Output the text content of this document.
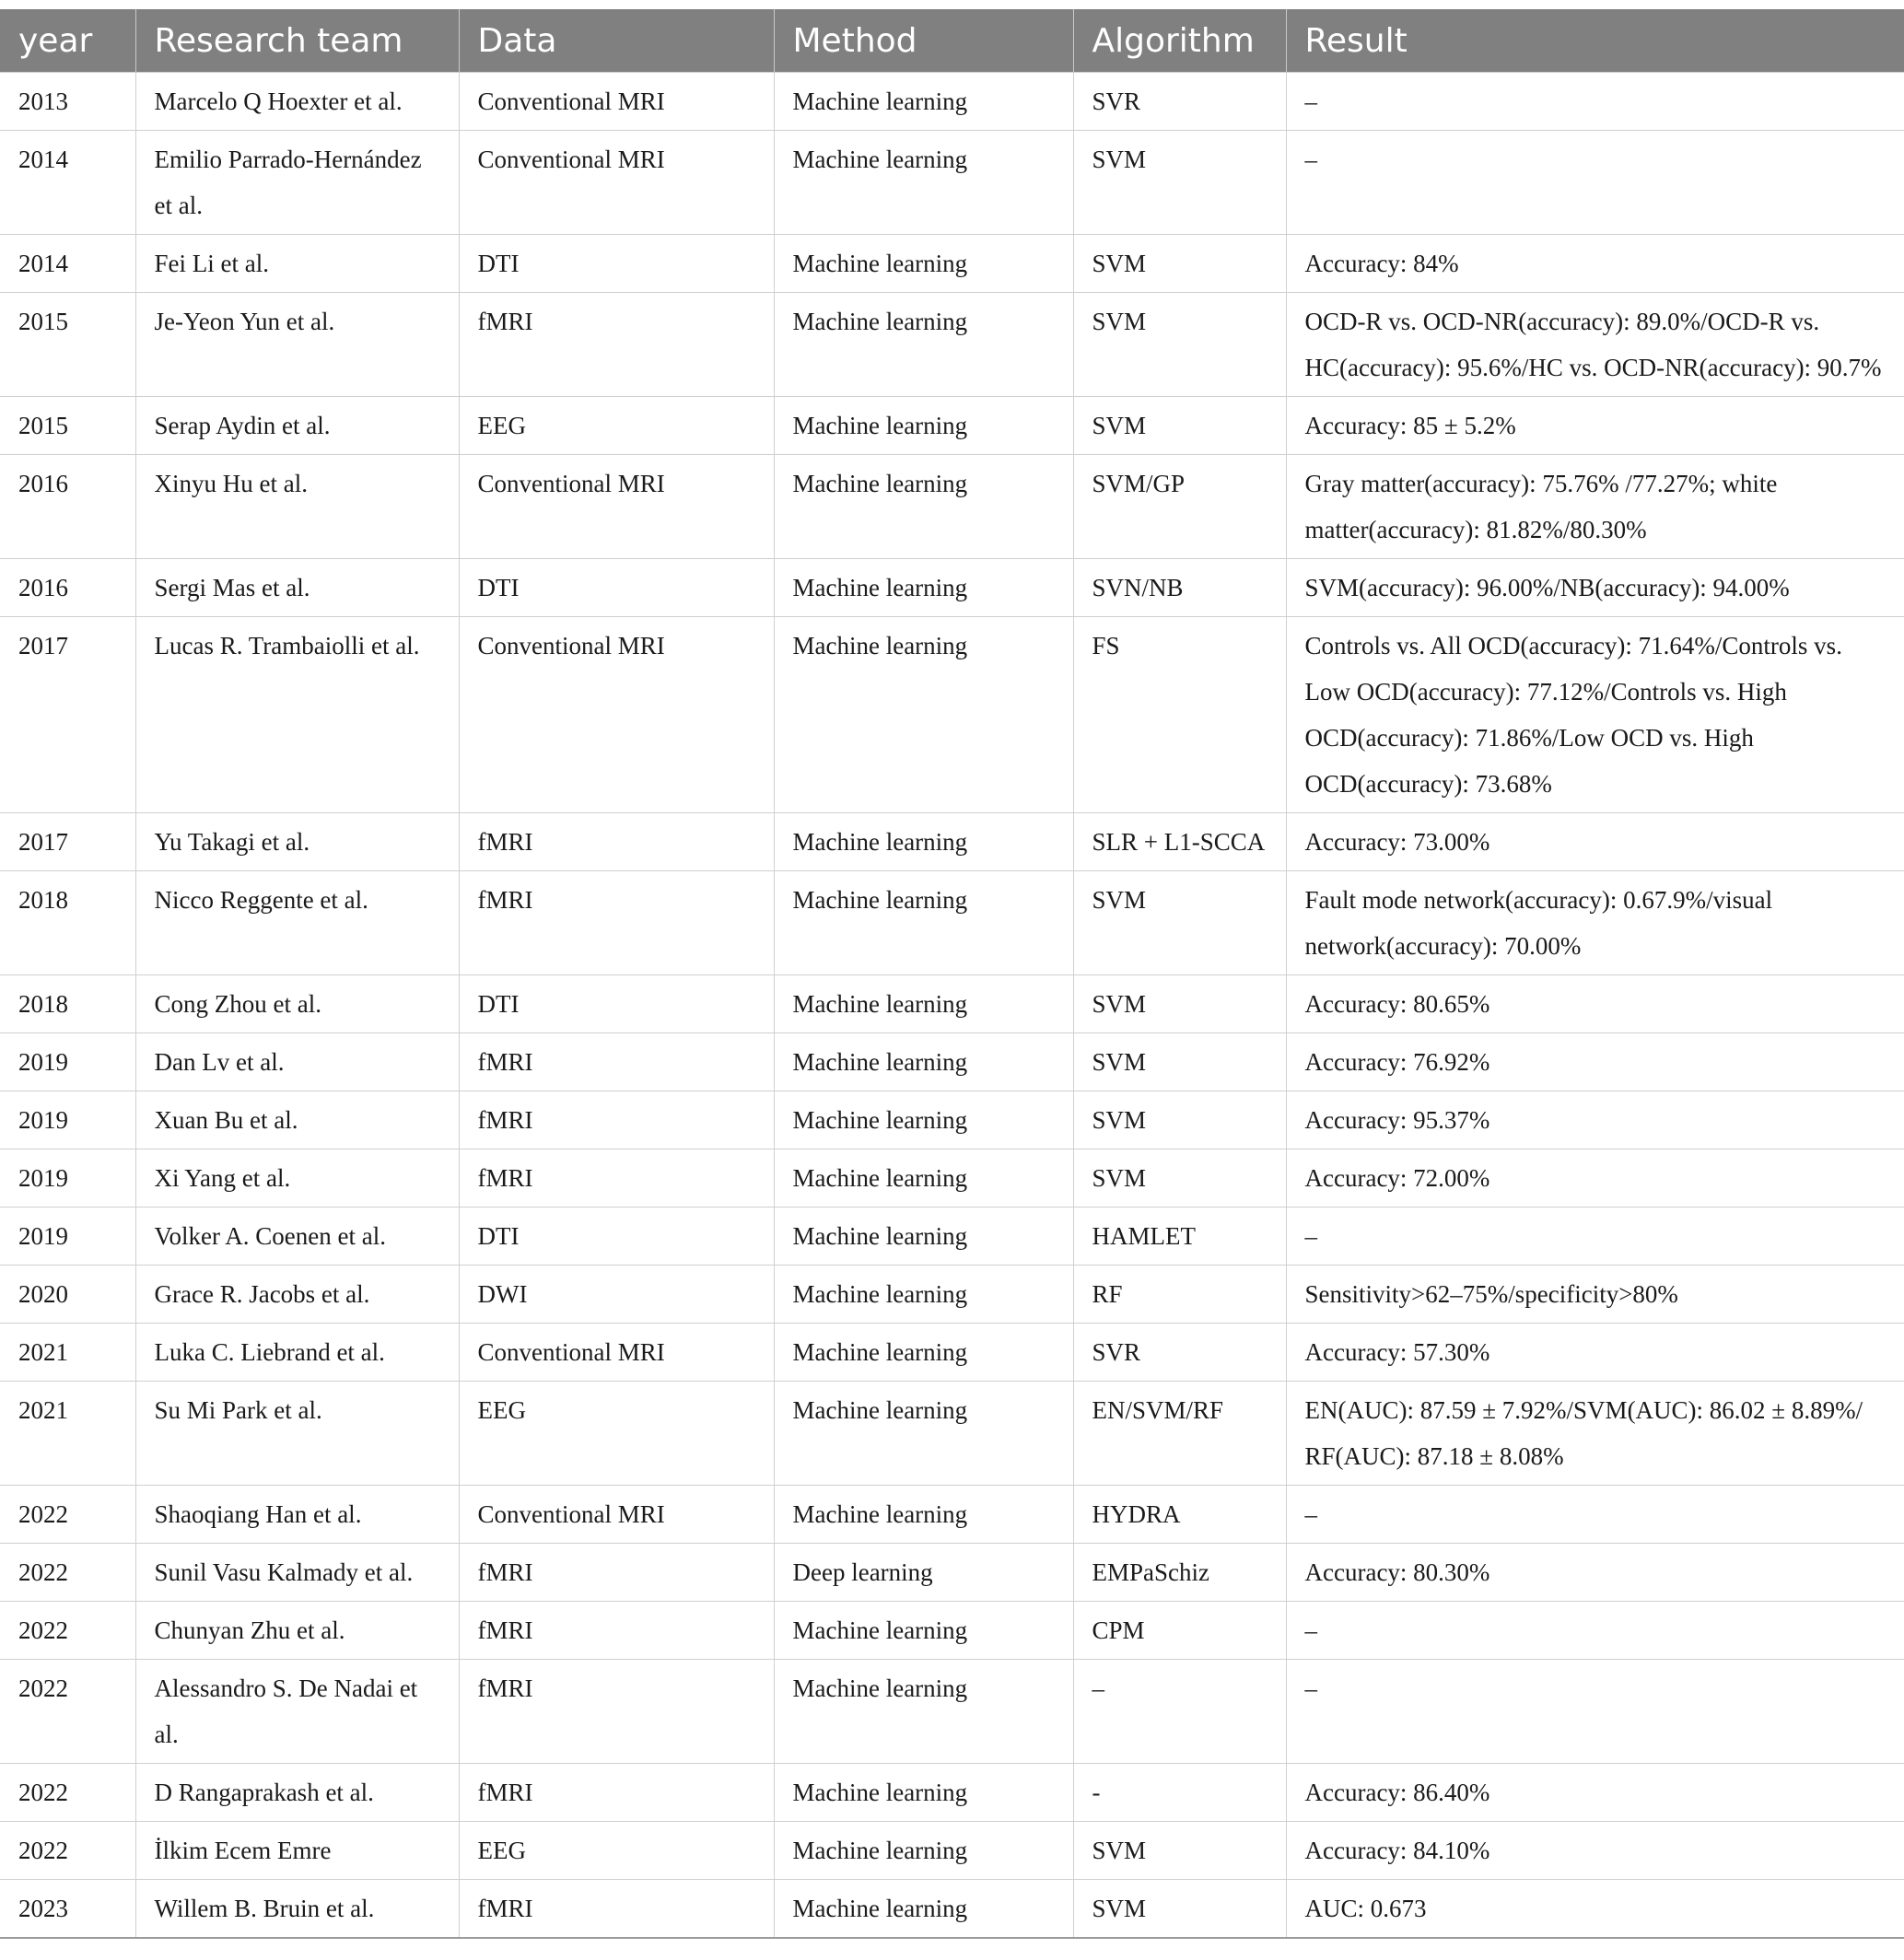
year	Research team	Data	Method	Algorithm	Result
2013	Marcelo Q Hoexter et al.	Conventional MRI	Machine learning	SVR	–
2014	Emilio Parrado-Hernández et al.	Conventional MRI	Machine learning	SVM	–
2014	Fei Li et al.	DTI	Machine learning	SVM	Accuracy: 84%
2015	Je-Yeon Yun et al.	fMRI	Machine learning	SVM	OCD-R vs. OCD-NR(accuracy): 89.0%/OCD-R vs. HC(accuracy): 95.6%/HC vs. OCD-NR(accuracy): 90.7%
2015	Serap Aydin et al.	EEG	Machine learning	SVM	Accuracy: 85 ± 5.2%
2016	Xinyu Hu et al.	Conventional MRI	Machine learning	SVM/GP	Gray matter(accuracy): 75.76% /77.27%; white matter(accuracy): 81.82%/80.30%
2016	Sergi Mas et al.	DTI	Machine learning	SVN/NB	SVM(accuracy): 96.00%/NB(accuracy): 94.00%
2017	Lucas R. Trambaiolli et al.	Conventional MRI	Machine learning	FS	Controls vs. All OCD(accuracy): 71.64%/Controls vs. Low OCD(accuracy): 77.12%/Controls vs. High OCD(accuracy): 71.86%/Low OCD vs. High OCD(accuracy): 73.68%
2017	Yu Takagi et al.	fMRI	Machine learning	SLR + L1-SCCA	Accuracy: 73.00%
2018	Nicco Reggente et al.	fMRI	Machine learning	SVM	Fault mode network(accuracy): 0.67.9%/visual network(accuracy): 70.00%
2018	Cong Zhou et al.	DTI	Machine learning	SVM	Accuracy: 80.65%
2019	Dan Lv et al.	fMRI	Machine learning	SVM	Accuracy: 76.92%
2019	Xuan Bu et al.	fMRI	Machine learning	SVM	Accuracy: 95.37%
2019	Xi Yang et al.	fMRI	Machine learning	SVM	Accuracy: 72.00%
2019	Volker A. Coenen et al.	DTI	Machine learning	HAMLET	–
2020	Grace R. Jacobs et al.	DWI	Machine learning	RF	Sensitivity>62–75%/specificity>80%
2021	Luka C. Liebrand et al.	Conventional MRI	Machine learning	SVR	Accuracy: 57.30%
2021	Su Mi Park et al.	EEG	Machine learning	EN/SVM/RF	EN(AUC): 87.59 ± 7.92%/SVM(AUC): 86.02 ± 8.89%/ RF(AUC): 87.18 ± 8.08%
2022	Shaoqiang Han et al.	Conventional MRI	Machine learning	HYDRA	–
2022	Sunil Vasu Kalmady et al.	fMRI	Deep learning	EMPaSchiz	Accuracy: 80.30%
2022	Chunyan Zhu et al.	fMRI	Machine learning	CPM	–
2022	Alessandro S. De Nadai et al.	fMRI	Machine learning	–	–
2022	D Rangaprakash et al.	fMRI	Machine learning	-	Accuracy: 86.40%
2022	İlkim Ecem Emre	EEG	Machine learning	SVM	Accuracy: 84.10%
2023	Willem B. Bruin et al.	fMRI	Machine learning	SVM	AUC: 0.673
